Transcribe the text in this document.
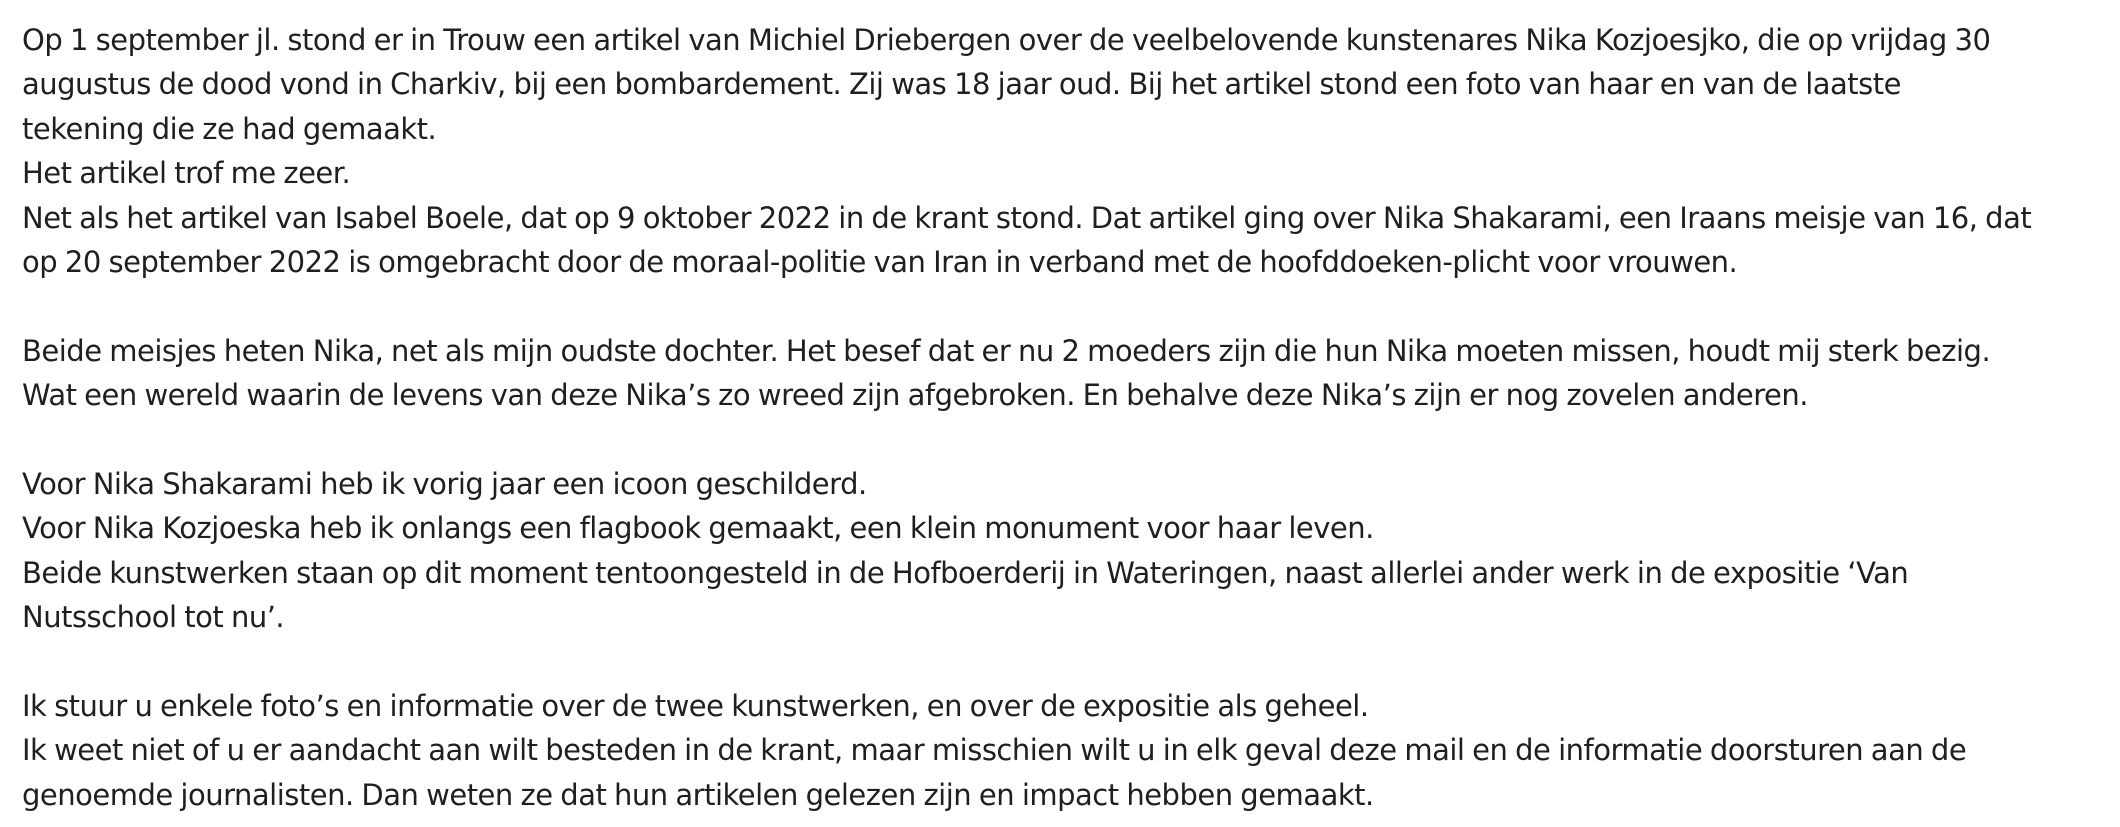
Op 1 september jl. stond er in Trouw een artikel van Michiel Driebergen over de veelbelovende kunstenares Nika Kozjoesjko, die op vrijdag 30

augustus de dood vond in Charkiv, bij een bombardement. Zij was 18 jaar oud. Bij het artikel stond een foto van haar en van de laatste

tekening die ze had gemaakt.

Het artikel trof me zeer.

Net als het artikel van Isabel Boele, dat op 9 oktober 2022 in de krant stond. Dat artikel ging over Nika Shakarami, een Iraans meisje van 16, dat

op 20 september 2022 is omgebracht door de moraal-politie van Iran in verband met de hoofddoeken-plicht voor vrouwen.

Beide meisjes heten Nika, net als mijn oudste dochter. Het besef dat er nu 2 moeders zijn die hun Nika moeten missen, houdt mij sterk bezig.

Wat een wereld waarin de levens van deze Nika’s zo wreed zijn afgebroken. En behalve deze Nika’s zijn er nog zovelen anderen.

Voor Nika Shakarami heb ik vorig jaar een icoon geschilderd.

Voor Nika Kozjoeska heb ik onlangs een flagbook gemaakt, een klein monument voor haar leven.

Beide kunstwerken staan op dit moment tentoongesteld in de Hofboerderij in Wateringen, naast allerlei ander werk in de expositie ‘Van

Nutsschool tot nu’.

Ik stuur u enkele foto’s en informatie over de twee kunstwerken, en over de expositie als geheel.

Ik weet niet of u er aandacht aan wilt besteden in de krant, maar misschien wilt u in elk geval deze mail en de informatie doorsturen aan de

genoemde journalisten. Dan weten ze dat hun artikelen gelezen zijn en impact hebben gemaakt.
